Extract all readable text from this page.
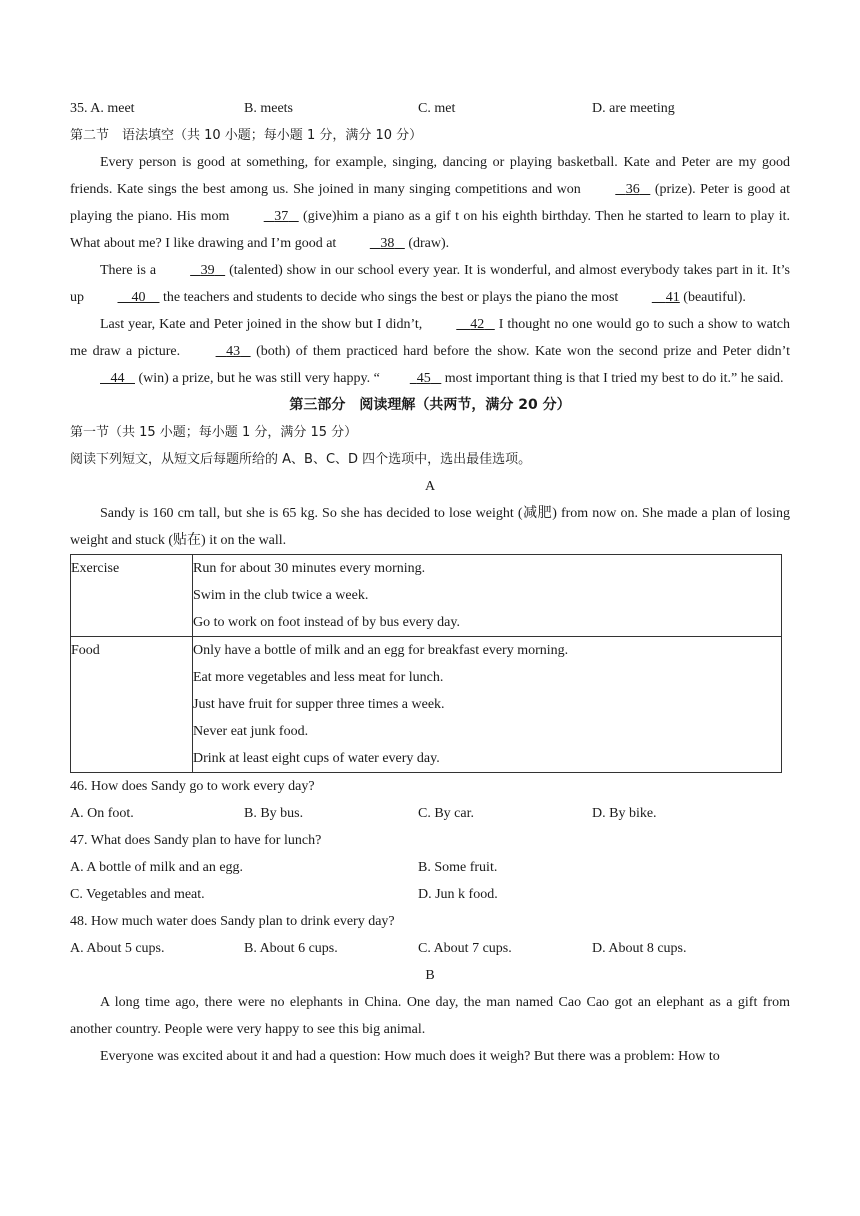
35. A. meet	B. meets	C. met	D. are meeting
第二节　语法填空（共 10 小题；每小题 1 分，满分 10 分）

Every person is good at something, for example, singing, dancing or playing basketball. Kate and Peter are my good friends. Kate sings the best among us. She joined in many singing competitions and won	36    (prize). Peter is good at playing the piano. His mom	37    (give)him a piano as a gif t on his eighth birthday. Then he started to learn to play it. What about me? I like drawing and I’m good at	38    (draw).

There is a	39    (talented) show in our school every year. It is wonderful, and almost everybody takes part in it. It’s up	40     the teachers and students to decide who sings the best or plays the piano the most	41 (beautiful).

Last year, Kate and Peter joined in the show but I didn’t,	42    I thought no one would go to such a show to watch me draw a picture.	43    (both) of them practiced hard before the show. Kate won the second prize and Peter didn’t    44    (win) a prize, but he was still very happy. “	45    most important thing is that I tried my best to do it.” he said.

第三部分　阅读理解（共两节，满分 20 分）
第一节（共 15 小题；每小题 1 分，满分 15 分）
阅读下列短文，从短文后每题所给的 A、B、C、D 四个选项中，选出最佳选项。
A

Sandy is 160 cm tall, but she is 65 kg. So she has decided to lose weight (减肥) from now on. She made a plan of losing weight and stuck (贴在) it on the wall.

Exercise	Run for about 30 minutes every morning.
Swim in the club twice a week.
Go to work on foot instead of by bus every day.

Food	Only have a bottle of milk and an egg for breakfast every morning.
Eat more vegetables and less meat for lunch.
Just have fruit for supper three times a week.
Never eat junk food.
Drink at least eight cups of water every day.
46. How does Sandy go to work every day?
A. On foot.	B. By bus.	C. By car.	D. By bike.
47. What does Sandy plan to have for lunch?
A. A bottle of milk and an egg.	B. Some fruit.
C. Vegetables and meat.	D. Jun k food.
48. How much water does Sandy plan to drink every day?
A. About 5 cups.	B. About 6 cups.	C. About 7 cups.	D. About 8 cups.
B

A long time ago, there were no elephants in China. One day, the man named Cao Cao got an elephant as a gift from another country. People were very happy to see this big animal.

Everyone was excited about it and had a question: How much does it weigh? But there was a problem: How to
